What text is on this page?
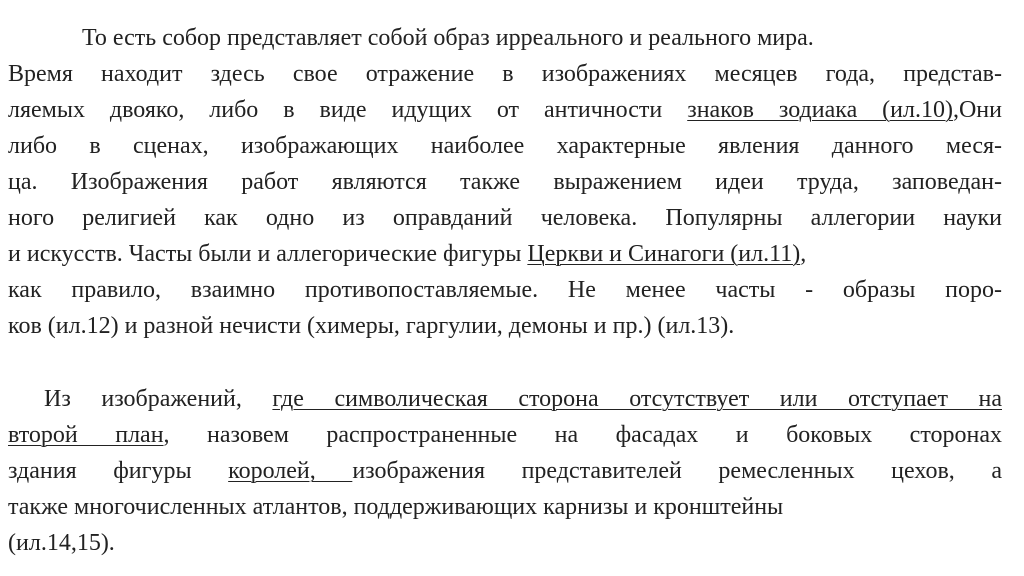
То есть собор представляет собой образ ирреального и реального мира.
Время находит здесь свое отражение в изображениях месяцев года, представ-
ляемых двояко, либо в виде идущих от античности знаков зодиака (ил.10),Они
либо в сценах, изображающих наиболее характерные явления данного меся-
ца. Изображения работ являются также выражением идеи труда, заповедан-
ного религией как одно из оправданий человека. Популярны аллегории науки
и искусств. Часты были и аллегорические фигуры Церкви и Синагоги (ил.11),
как правило, взаимно противопоставляемые. Не менее часты - образы поро-
ков (ил.12) и разной нечисти (химеры, гаргулии, демоны и пр.) (ил.13).
Из изображений, где символическая сторона отсутствует или отступает на
второй план, назовем распространенные на фасадах и боковых сторонах
здания фигуры королей, изображения представителей ремесленных цехов, а
также многочисленных атлантов, поддерживающих карнизы и кронштейны
(ил.14,15).
